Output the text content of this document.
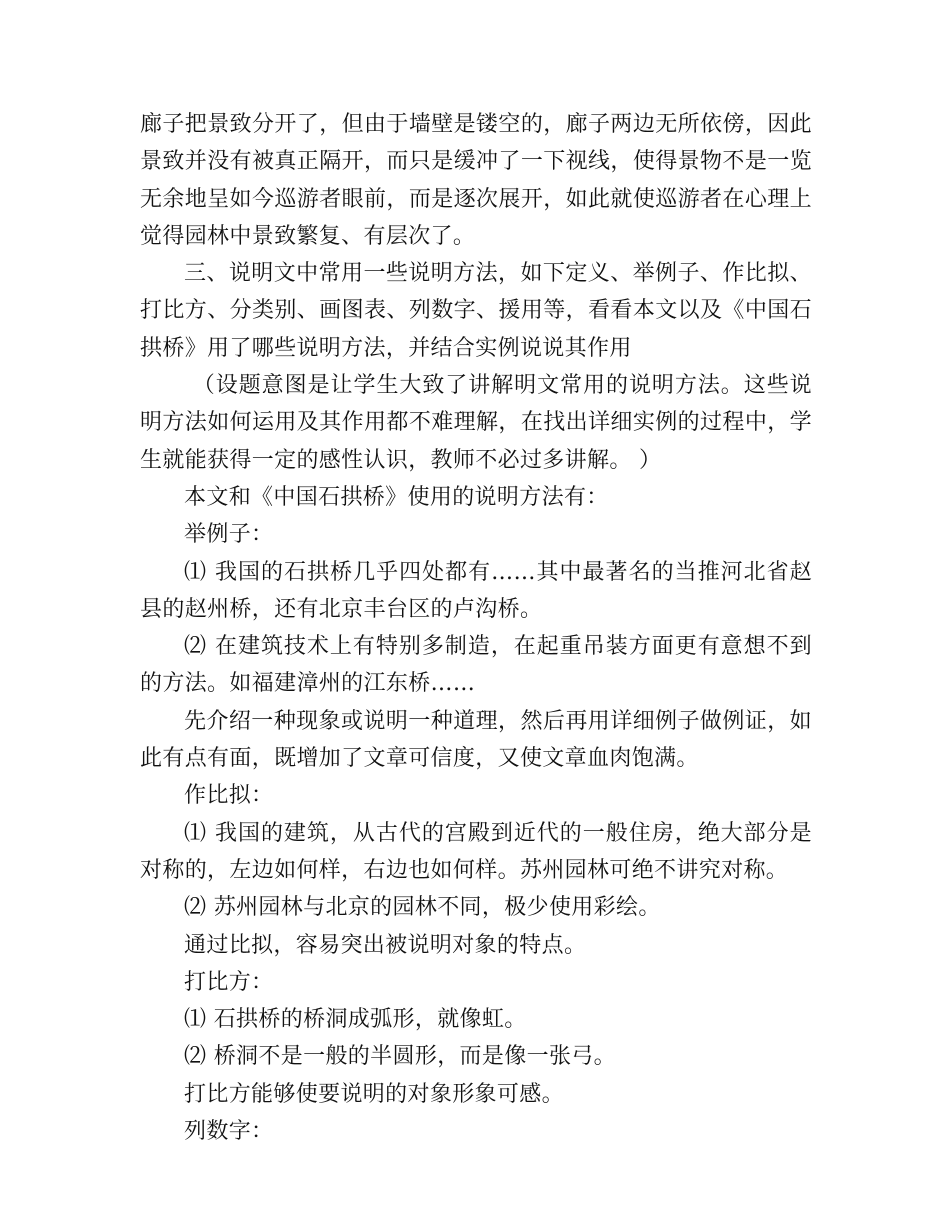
廊子把景致分开了，但由于墙壁是镂空的，廊子两边无所依傍，因此景致并没有被真正隔开，而只是缓冲了一下视线，使得景物不是一览无余地呈如今巡游者眼前，而是逐次展开，如此就使巡游者在心理上觉得园林中景致繁复、有层次了。

三、说明文中常用一些说明方法，如下定义、举例子、作比拟、打比方、分类别、画图表、列数字、援用等，看看本文以及《中国石拱桥》用了哪些说明方法，并结合实例说说其作用

（设题意图是让学生大致了讲解明文常用的说明方法。这些说明方法如何运用及其作用都不难理解，在找出详细实例的过程中，学生就能获得一定的感性认识，教师不必过多讲解。 ）

本文和《中国石拱桥》使用的说明方法有：

举例子：

⑴ 我国的石拱桥几乎四处都有……其中最著名的当推河北省赵县的赵州桥，还有北京丰台区的卢沟桥。

⑵ 在建筑技术上有特别多制造，在起重吊装方面更有意想不到的方法。如福建漳州的江东桥……

先介绍一种现象或说明一种道理，然后再用详细例子做例证，如此有点有面，既增加了文章可信度，又使文章血肉饱满。

作比拟：

⑴ 我国的建筑，从古代的宫殿到近代的一般住房，绝大部分是对称的，左边如何样，右边也如何样。苏州园林可绝不讲究对称。

⑵ 苏州园林与北京的园林不同，极少使用彩绘。

通过比拟，容易突出被说明对象的特点。

打比方：

⑴ 石拱桥的桥洞成弧形，就像虹。

⑵ 桥洞不是一般的半圆形，而是像一张弓。

打比方能够使要说明的对象形象可感。

列数字：
